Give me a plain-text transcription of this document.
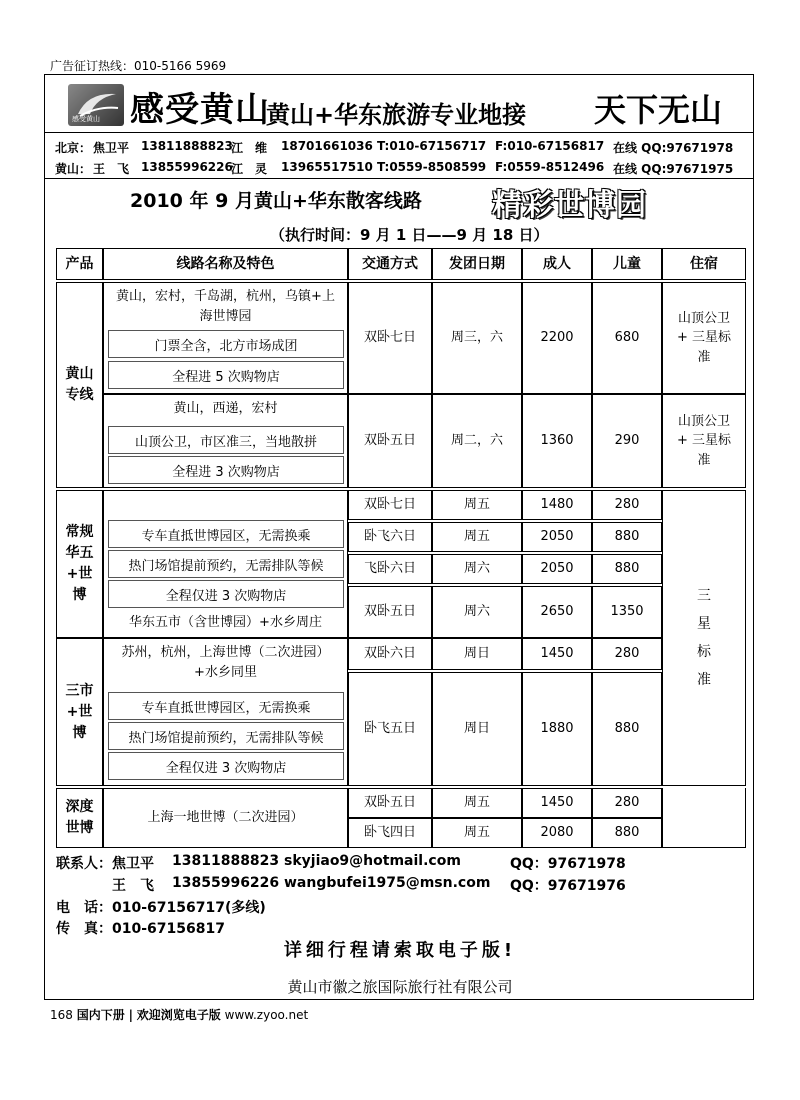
广告征订热线：010-5166 5969
感受黄山 感受黄山
黄山+华东旅游专业地接 天下无山
北京： 焦卫平 13811888823
江　维	18701661036 T:010-67156717 F:010-67156817 在线 QQ:97671978
黄山： 王　飞 13855996226
江　灵	13965517510 T:0559-8508599 F:0559-8512496 在线 QQ:97671975
2010 年 9 月黄山+华东散客线路 精彩世博园
（执行时间：9 月 1 日——9 月 18 日）
产品	线路名称及特色	交通方式	发团日期	成人	儿童	住宿
黄山专线
黄山，宏村，千岛湖，杭州，乌镇+上海世博园
门票全含，北方市场成团
全程进 5 次购物店
双卧七日	周三，六	2200	680
山顶公卫 + 三星标准
黄山，西递，宏村
山顶公卫，市区准三，当地散拼
全程进 3 次购物店
双卧五日	周二，六	1360	290
山顶公卫 + 三星标准
常规华五+世博
专车直抵世博园区，无需换乘
热门场馆提前预约，无需排队等候
全程仅进 3 次购物店
华东五市（含世博园）+水乡周庄
双卧七日	周五	1480	280
卧飞六日	周五	2050	880
飞卧六日	周六	2050	880
双卧五日	周六	2650	1350
三星标准
三市+世博
苏州，杭州，上海世博（二次进园）+水乡同里
专车直抵世博园区，无需换乘
热门场馆提前预约，无需排队等候
全程仅进 3 次购物店
双卧六日	周日	1450	280
卧飞五日	周日	1880	880
深度世博
上海一地世博（二次进园）
双卧五日	周五	1450	280
卧飞四日	周五	2080	880
联系人： 焦卫平	13811888823 skyjiao9@hotmail.com	QQ：97671978
王　飞	13855996226 wangbufei1975@msn.com	QQ：97671976
电　话：010-67156717(多线)
传　真：010-67156817
详细行程请索取电子版!
黄山市徽之旅国际旅行社有限公司
168 国内下册 | 欢迎浏览电子版 www.zyoo.net
